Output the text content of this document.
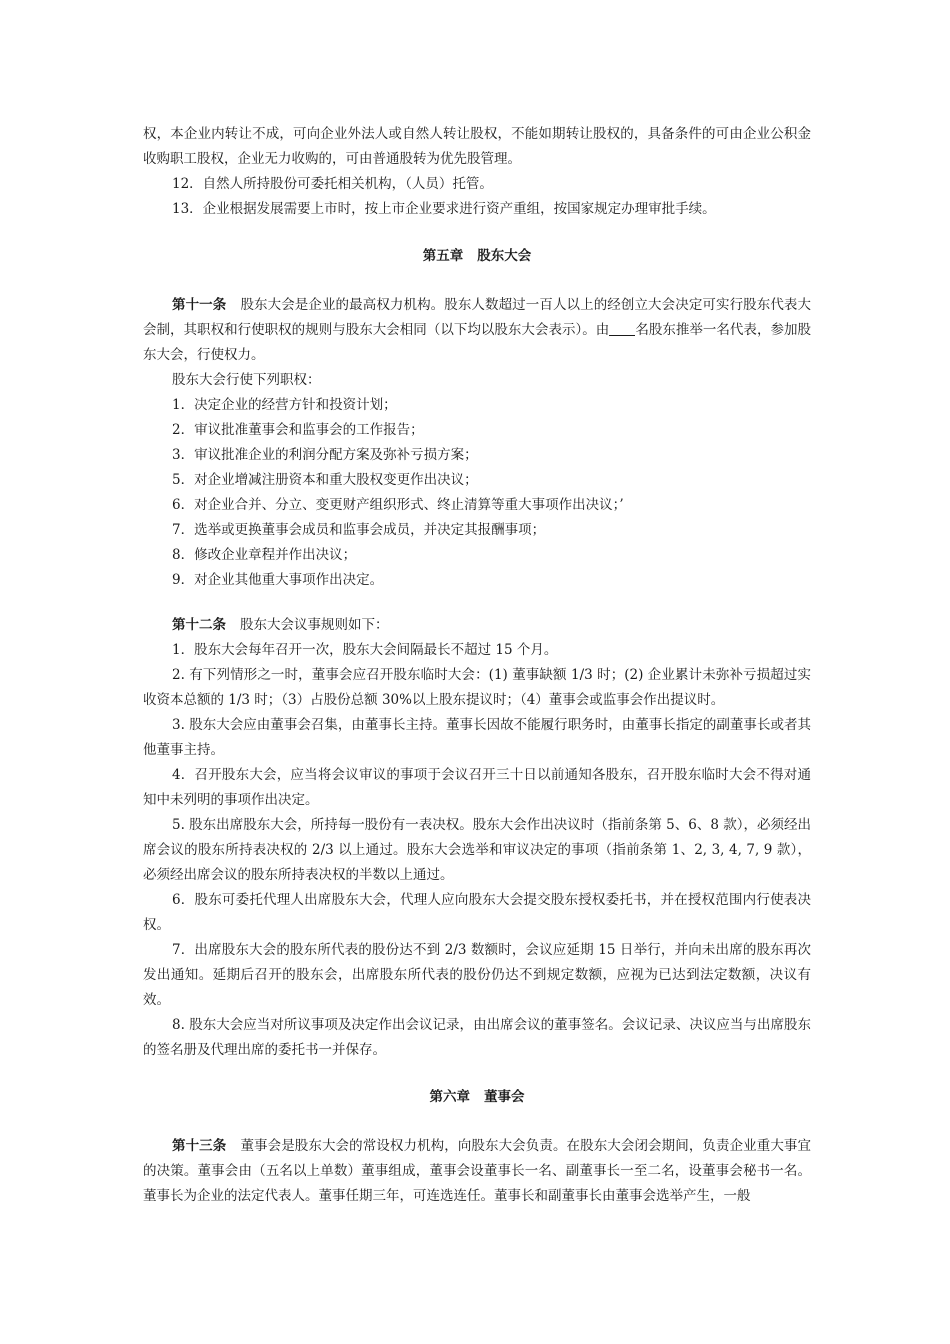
权，本企业内转让不成，可向企业外法人或自然人转让股权，不能如期转让股权的，具备条件的可由企业公积金收购职工股权，企业无力收购的，可由普通股转为优先股管理。

12．自然人所持股份可委托相关机构，（人员）托管。

13．企业根据发展需要上市时，按上市企业要求进行资产重组，按国家规定办理审批手续。

第五章 股东大会

第十一条 股东大会是企业的最高权力机构。股东人数超过一百人以上的经创立大会决定可实行股东代表大会制，其职权和行使职权的规则与股东大会相同（以下均以股东大会表示）。由 名股东推举一名代表，参加股东大会，行使权力。

股东大会行使下列职权：

1．决定企业的经营方针和投资计划；

2．审议批准董事会和监事会的工作报告；

3．审议批准企业的利润分配方案及弥补亏损方案；

5．对企业增减注册资本和重大股权变更作出决议；

6．对企业合并、分立、变更财产组织形式、终止清算等重大事项作出决议；’

7．选举或更换董事会成员和监事会成员，并决定其报酬事项；

8．修改企业章程并作出决议；

9．对企业其他重大事项作出决定。

第十二条 股东大会议事规则如下：

1．股东大会每年召开一次，股东大会间隔最长不超过 15 个月。

2. 有下列情形之一时，董事会应召开股东临时大会：(1) 董事缺额 1/3 时；(2) 企业累计未弥补亏损超过实收资本总额的 1/3 时；（3）占股份总额 30%以上股东提议时；（4）董事会或监事会作出提议时。

3. 股东大会应由董事会召集，由董事长主持。董事长因故不能履行职务时，由董事长指定的副董事长或者其他董事主持。

4．召开股东大会，应当将会议审议的事项于会议召开三十日以前通知各股东，召开股东临时大会不得对通知中未列明的事项作出决定。

5. 股东出席股东大会，所持每一股份有一表决权。股东大会作出决议时（指前条第 5、6、8 款），必须经出席会议的股东所持表决权的 2/3 以上通过。股东大会选举和审议决定的事项（指前条第 1、2, 3, 4, 7, 9 款），必须经出席会议的股东所持表决权的半数以上通过。

6．股东可委托代理人出席股东大会，代理人应向股东大会提交股东授权委托书，并在授权范围内行使表决权。

7．出席股东大会的股东所代表的股份达不到 2/3 数额时，会议应延期 15 日举行，并向未出席的股东再次发出通知。延期后召开的股东会，出席股东所代表的股份仍达不到规定数额，应视为已达到法定数额，决议有效。

8. 股东大会应当对所议事项及决定作出会议记录，由出席会议的董事签名。会议记录、决议应当与出席股东的签名册及代理出席的委托书一并保存。

第六章 董事会

第十三条 董事会是股东大会的常设权力机构，向股东大会负责。在股东大会闭会期间，负责企业重大事宜的决策。董事会由（五名以上单数）董事组成，董事会设董事长一名、副董事长一至二名，设董事会秘书一名。董事长为企业的法定代表人。董事任期三年，可连选连任。董事长和副董事长由董事会选举产生，一般
